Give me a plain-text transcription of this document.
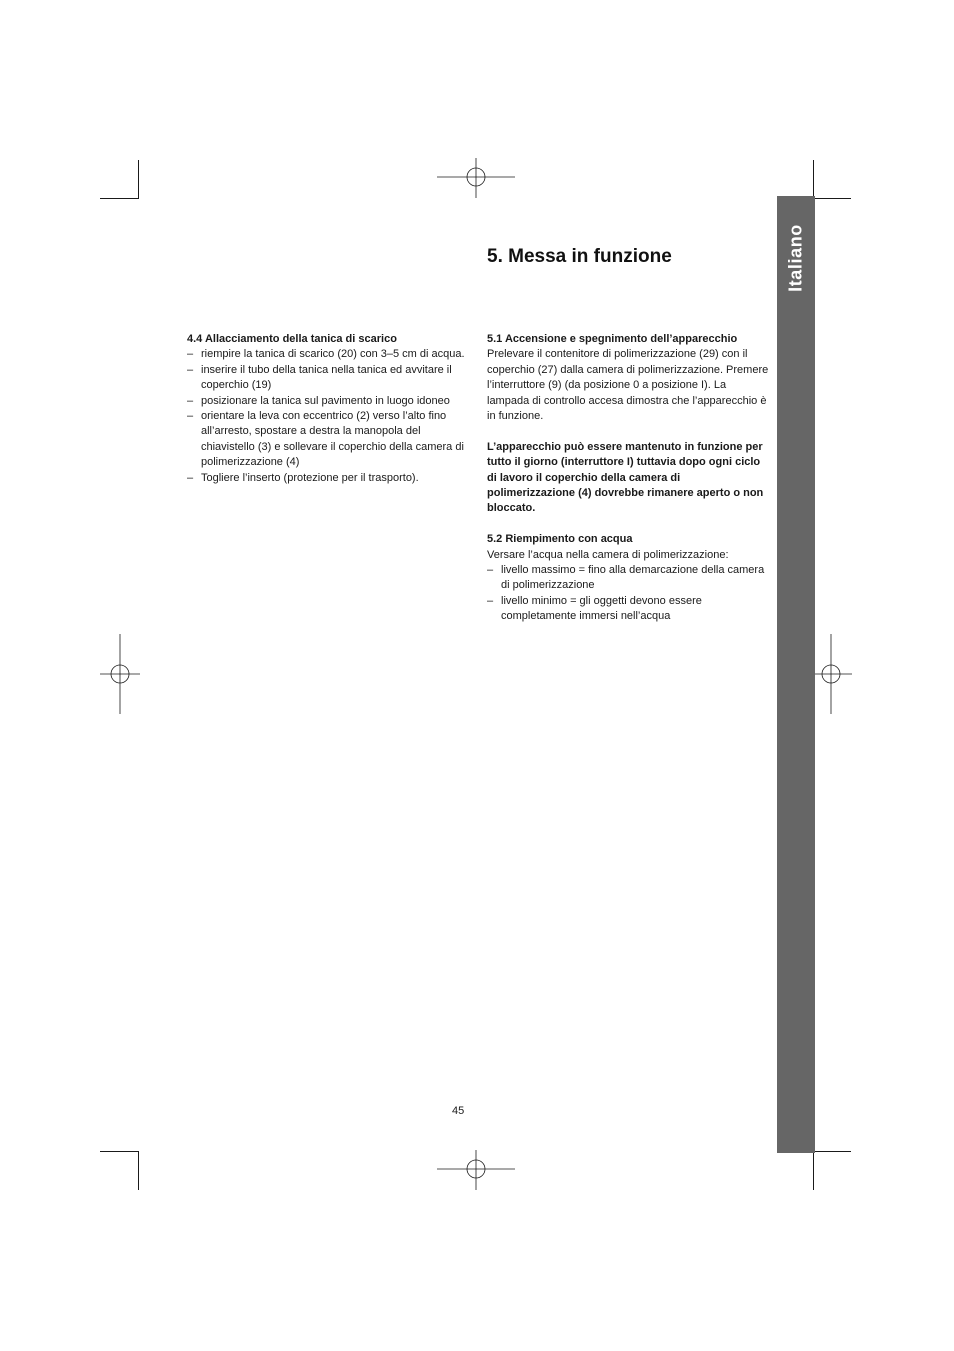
Italiano
5. Messa in funzione
4.4 Allacciamento della tanica di scarico
– riempire la tanica di scarico (20) con 3–5 cm di acqua.
– inserire il tubo della tanica nella tanica ed avvitare il coperchio (19)
– posizionare la tanica sul pavimento in luogo idoneo
– orientare la leva con eccentrico (2) verso l’alto fino all’arresto, spostare a destra la manopola del chiavistello (3) e sollevare il coperchio della camera di polimerizzazione (4)
– Togliere l’inserto (protezione per il trasporto).
5.1 Accensione e spegnimento dell’apparecchio

Prelevare il contenitore di polimerizzazione (29) con il coperchio (27) dalla camera di polimerizzazione. Premere l’interruttore (9) (da posizione 0 a posizione I). La lampada di controllo accesa dimostra che l’apparecchio è in funzione.

L’apparecchio può essere mantenuto in funzione per tutto il giorno (interruttore I) tuttavia dopo ogni ciclo di lavoro il coperchio della camera di polimerizzazione (4) dovrebbe rimanere aperto o non bloccato.

5.2 Riempimento con acqua

Versare l’acqua nella camera di polimerizzazione:

– livello massimo = fino alla demarcazione della camera di polimerizzazione
– livello minimo = gli oggetti devono essere completamente immersi nell’acqua
45
